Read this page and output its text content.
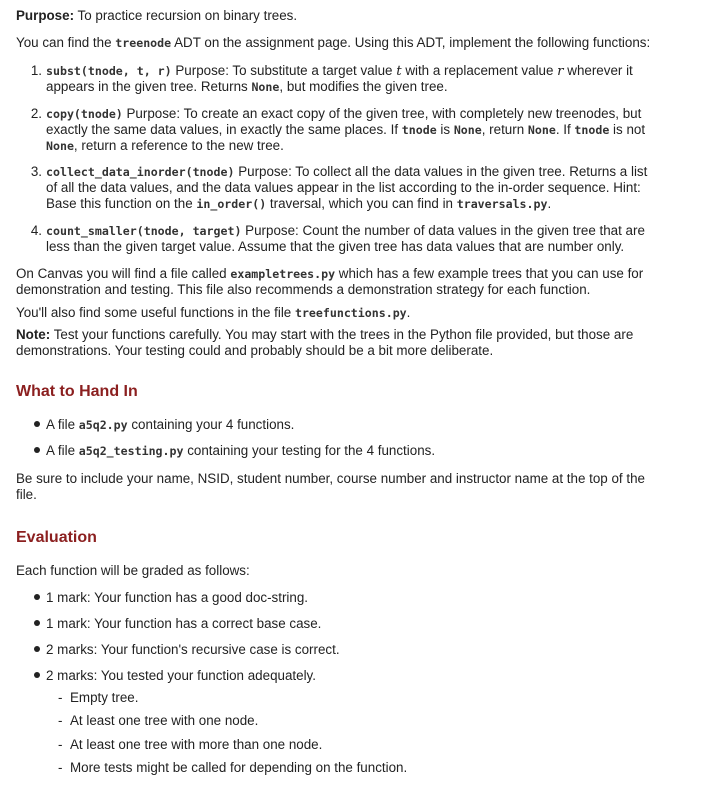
Purpose: To practice recursion on binary trees.

You can find the treenode ADT on the assignment page. Using this ADT, implement the following functions:

1. subst(tnode, t, r) Purpose: To substitute a target value t with a replacement value r wherever it

appears in the given tree. Returns None, but modifies the given tree.

2. copy(tnode) Purpose: To create an exact copy of the given tree, with completely new treenodes, but

exactly the same data values, in exactly the same places. If tnode is None, return None. If tnode is not

None, return a reference to the new tree.

3. collect_data_inorder(tnode) Purpose: To collect all the data values in the given tree. Returns a list

of all the data values, and the data values appear in the list according to the in-order sequence. Hint:

Base this function on the in_order() traversal, which you can find in traversals.py.

4. count_smaller(tnode, target) Purpose: Count the number of data values in the given tree that are

less than the given target value. Assume that the given tree has data values that are number only.

On Canvas you will find a file called exampletrees.py which has a few example trees that you can use for

demonstration and testing. This file also recommends a demonstration strategy for each function.

You'll also find some useful functions in the file treefunctions.py.

Note: Test your functions carefully. You may start with the trees in the Python file provided, but those are

demonstrations. Your testing could and probably should be a bit more deliberate.

What to Hand In

A file a5q2.py containing your 4 functions.

A file a5q2_testing.py containing your testing for the 4 functions.

Be sure to include your name, NSID, student number, course number and instructor name at the top of the

file.

Evaluation

Each function will be graded as follows:

1 mark: Your function has a good doc-string.

1 mark: Your function has a correct base case.

2 marks: Your function's recursive case is correct.

2 marks: You tested your function adequately.

- Empty tree.

- At least one tree with one node.

- At least one tree with more than one node.

- More tests might be called for depending on the function.
